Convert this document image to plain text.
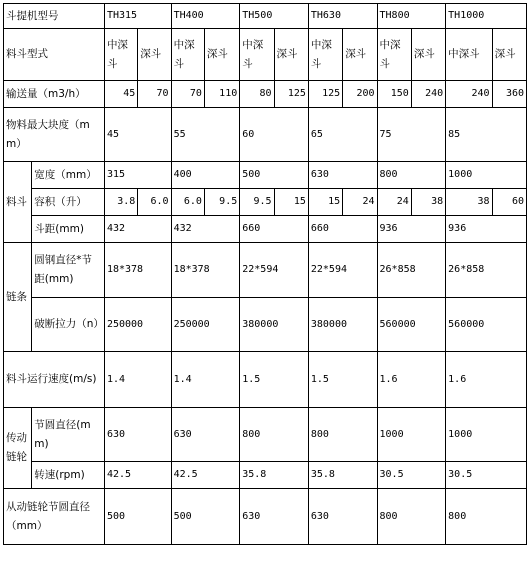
斗提机型号		TH315		TH400		TH500		TH630		TH800		TH1000	
料斗型式		中深斗	深斗	中深斗	深斗	中深斗	深斗	中深斗	深斗	中深斗	深斗	中深斗	深斗
输送量（m3/h）		45	70	70	110	80	125	125	200	150	240	240	360
物料最大块度（mm）		45		55		60		65		75		85	
料斗	宽度（mm）	315		400		500		630		800		1000	
	容积（升）	3.8	6.0	6.0	9.5	9.5	15	15	24	24	38	38	60
	斗距(mm)	432		432		660		660		936		936	
链条	圆钢直径*节距(mm)	18*378		18*378		22*594		22*594		26*858		26*858	
	破断拉力（n）	250000		250000		380000		380000		560000		560000	
料斗运行速度(m/s)		1.4		1.4		1.5		1.5		1.6		1.6	
传动链轮	节圆直径(mm)	630		630		800		800		1000		1000	
	转速(rpm)	42.5		42.5		35.8		35.8		30.5		30.5	
从动链轮节圆直径（mm）		500		500		630		630		800		800	
